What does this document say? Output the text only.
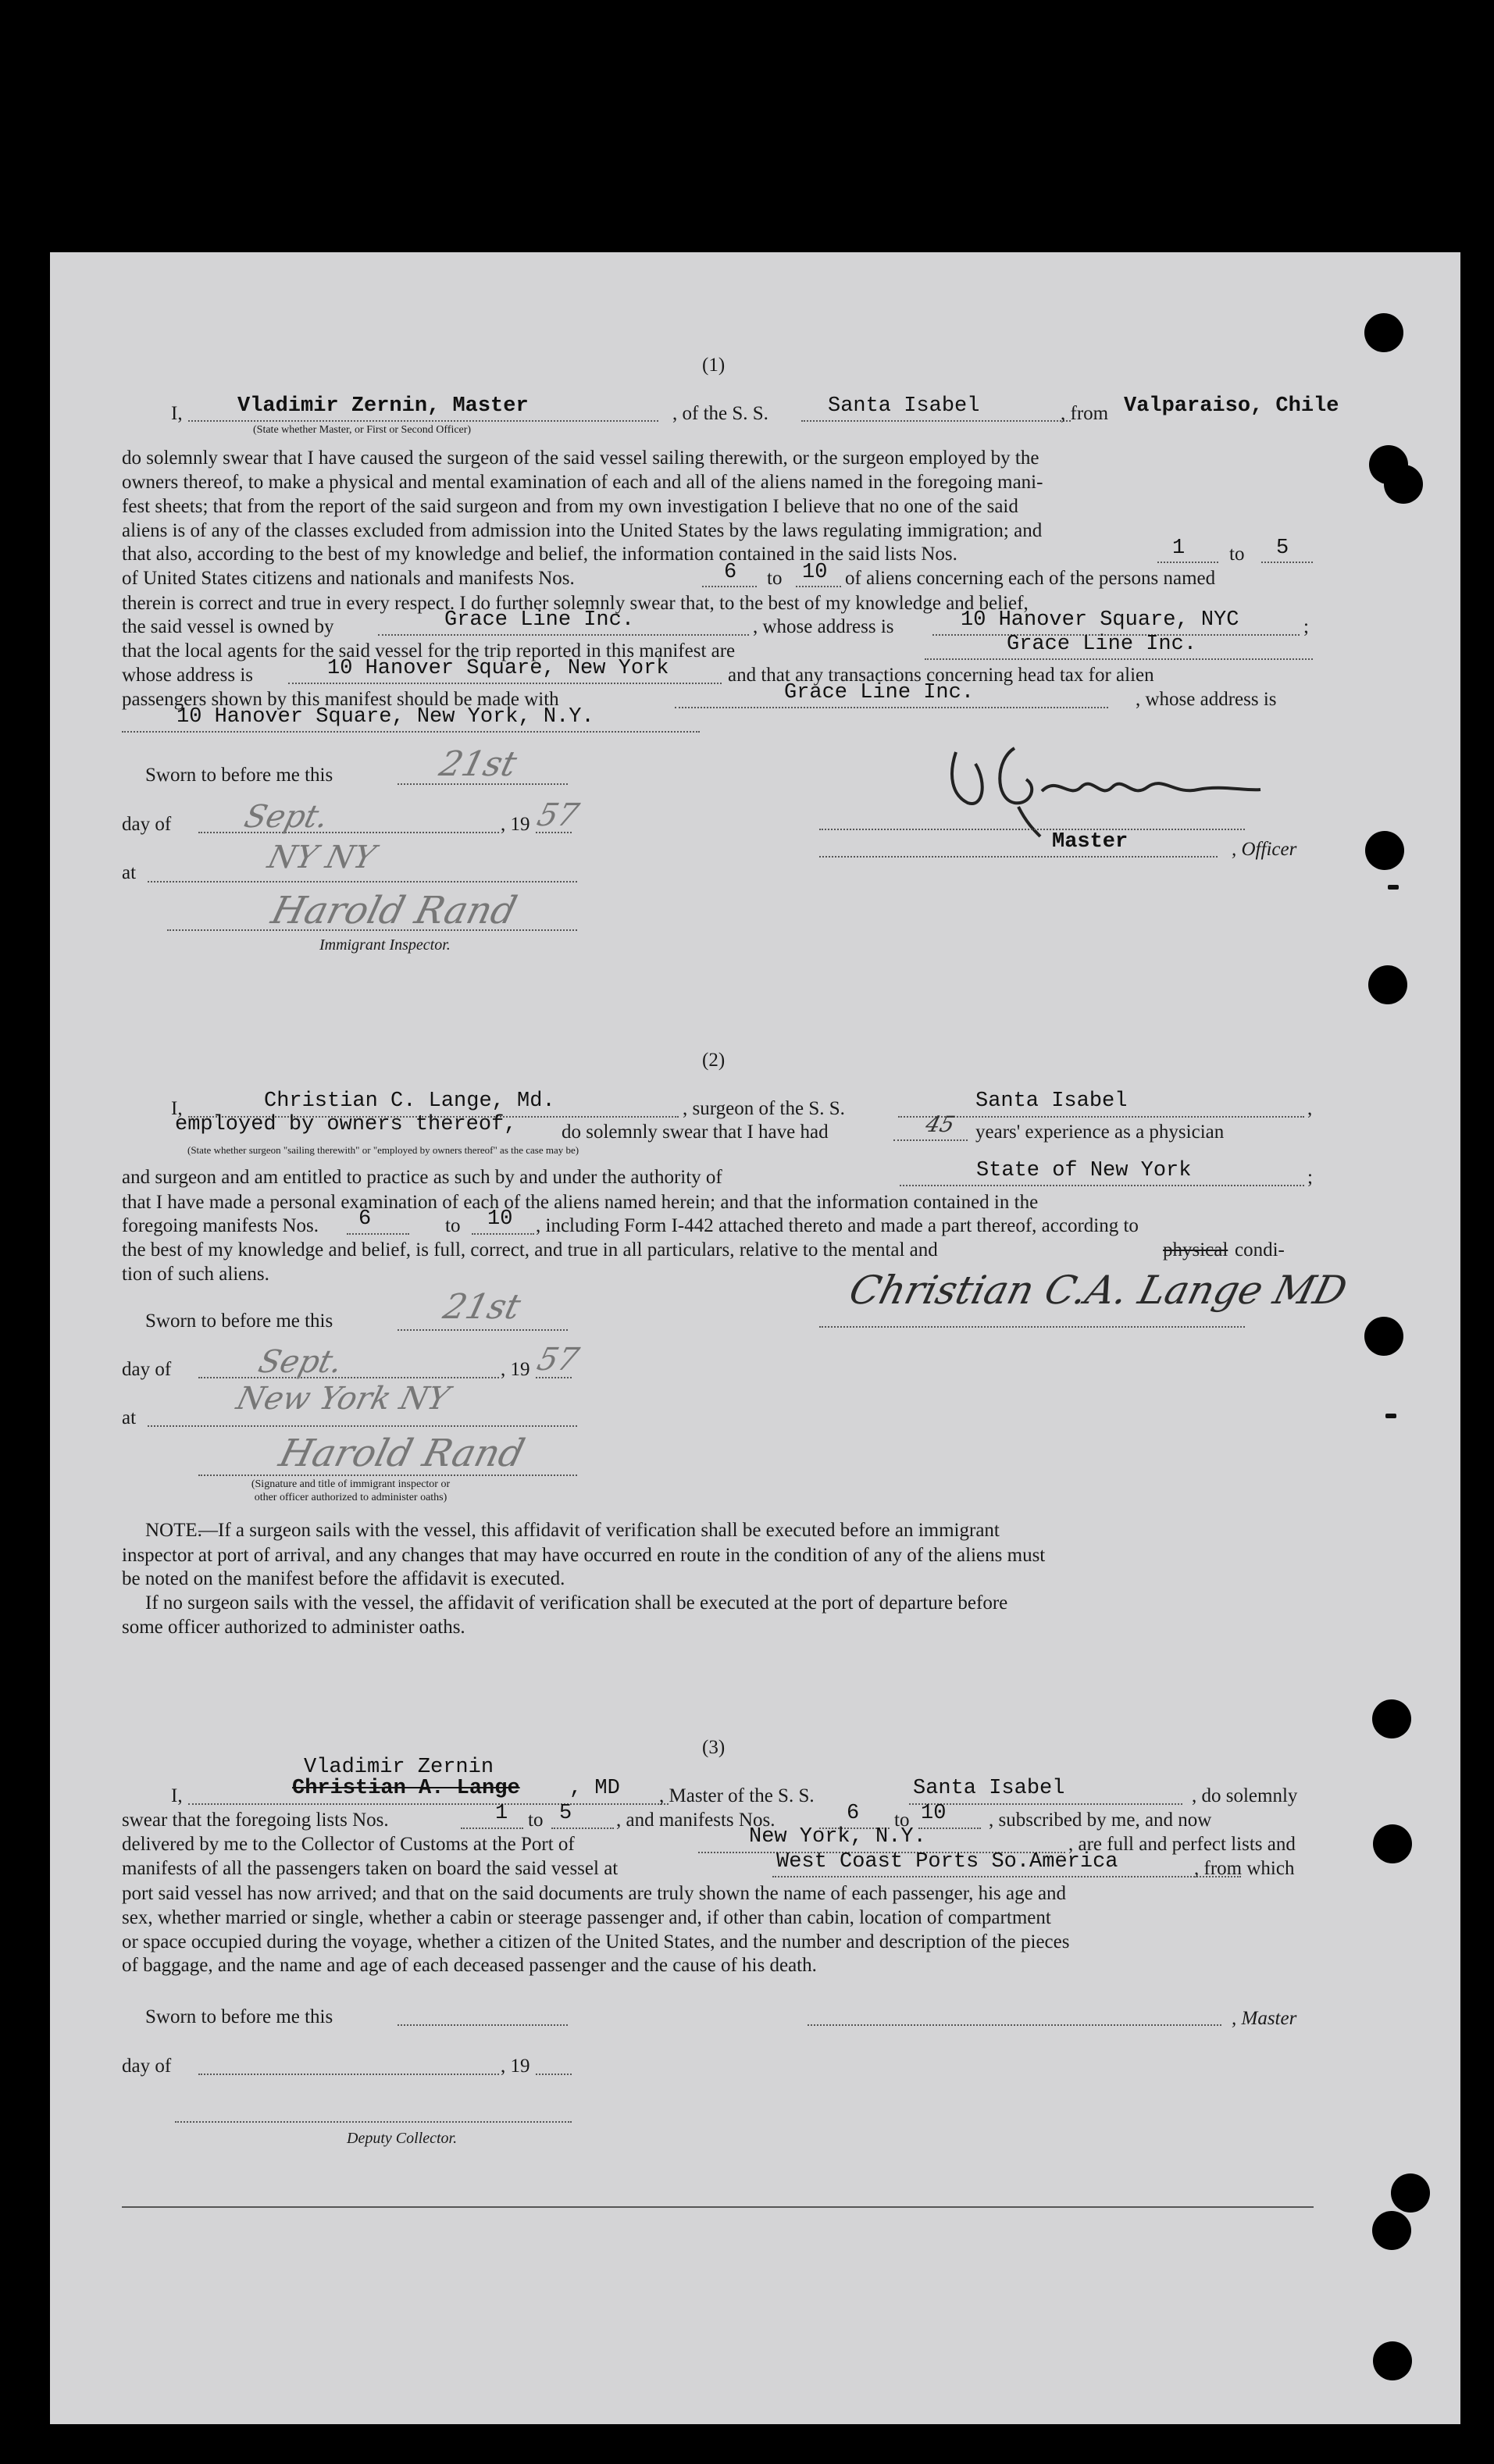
(1)
I,	Vladimir Zernin, Master
(State whether Master, or First or Second Officer)
, of the S. S.	Santa Isabel	, from Valparaiso, Chile
do solemnly swear that I have caused the surgeon of the said vessel sailing therewith, or the surgeon employed by the
owners thereof, to make a physical and mental examination of each and all of the aliens named in the foregoing mani-
fest sheets; that from the report of the said surgeon and from my own investigation I believe that no one of the said
aliens is of any of the classes excluded from admission into the United States by the laws regulating immigration; and
that also, according to the best of my knowledge and belief, the information contained in the said lists Nos.	1 to 5
of United States citizens and nationals and manifests Nos.	6 to 10 of aliens concerning each of the persons named
therein is correct and true in every respect. I do further solemnly swear that, to the best of my knowledge and belief,
the said vessel is owned by	Grace Line Inc.	, whose address is	10 Hanover Square, NYC	;
that the local agents for the said vessel for the trip reported in this manifest are	Grace Line Inc.
whose address is	10 Hanover Square, New York	and that any transactions concerning head tax for alien
passengers shown by this manifest should be made with	Grace Line Inc.	, whose address is
10 Hanover Square, New York, N.Y.
Sworn to before me this	21st
day of Sept.	, 19 57
at	NY NY
Harold Rand
Immigrant Inspector.
Master	, Officer
(2)
I,	Christian C. Lange, Md.	, surgeon of the S. S.	Santa Isabel	,
employed by owners thereof, do solemnly swear that I have had	45 years' experience as a physician
(State whether surgeon "sailing therewith" or "employed by owners thereof" as the case may be)
and surgeon and am entitled to practice as such by and under the authority of	State of New York	;
that I have made a personal examination of each of the aliens named herein; and that the information contained in the
foregoing manifests Nos. 6	to 10 , including Form I-442 attached thereto and made a part thereof, according to
the best of my knowledge and belief, is full, correct, and true in all particulars, relative to the mental and	physical condi-
tion of such aliens.
Sworn to before me this	21st
day of	Sept.	, 19 57
at
New York NY
Harold Rand
(Signature and title of immigrant inspector or
other officer authorized to administer oaths)
Christian C.A. Lange MD
NOTE.
—If a surgeon sails with the vessel, this affidavit of verification shall be executed before an immigrant
inspector at port of arrival, and any changes that may have occurred en route in the condition of any of the aliens must
be noted on the manifest before the affidavit is executed.
If no surgeon sails with the vessel, the affidavit of verification shall be executed at the port of departure before
some officer authorized to administer oaths.
(3)
Vladimir Zernin
I,	Christian A. Lange , MD , Master of the S. S.	Santa Isabel	, do solemnly
swear that the foregoing lists Nos.	1 to 5 , and manifests Nos.	6 to 10 , subscribed by me, and now
delivered by me to the Collector of Customs at the Port of	New York, N.Y.	, are full and perfect lists and
manifests of all the passengers taken on board the said vessel at	West Coast Ports So.America	, from which
port said vessel has now arrived; and that on the said documents are truly shown the name of each passenger, his age and
sex, whether married or single, whether a cabin or steerage passenger and, if other than cabin, location of compartment
or space occupied during the voyage, whether a citizen of the United States, and the number and description of the pieces
of baggage, and the name and age of each deceased passenger and the cause of his death.
Sworn to before me this	, Master
day of	, 19
Deputy Collector.
